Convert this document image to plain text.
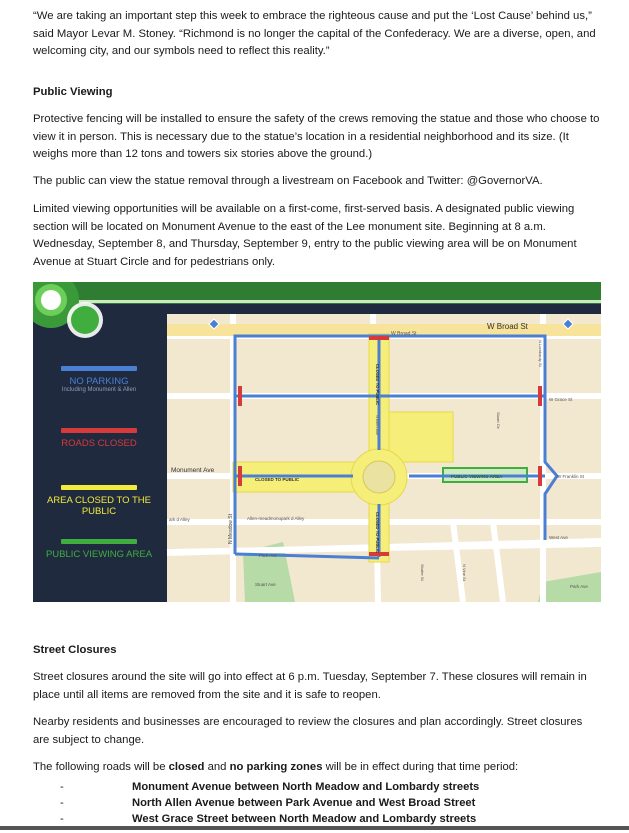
“We are taking an important step this week to embrace the righteous cause and put the ‘Lost Cause’ behind us,” said Mayor Levar M. Stoney. “Richmond is no longer the capital of the Confederacy. We are a diverse, open, and welcoming city, and our symbols need to reflect this reality.”

Public Viewing

Protective fencing will be installed to ensure the safety of the crews removing the statue and those who choose to view it in person. This is necessary due to the statue’s location in a residential neighborhood and its size. (It weighs more than 12 tons and towers six stories above the ground.)

The public can view the statue removal through a livestream on Facebook and Twitter: @GovernorVA.

Limited viewing opportunities will be available on a first-come, first-served basis. A designated public viewing section will be located on Monument Avenue to the east of the Lee monument site. Beginning at 8 a.m. Wednesday, September 8, and Thursday, September 9, entry to the public viewing area will be on Monument Avenue at Stuart Circle and for pedestrians only.

W Broad St
W Broad St
Monument Ave
W Grace St
W Franklin St
West Ave
Park Ave
Park Ave
Stuart Ave
ark d Alley	Allen-meadmonupark d Alley
N Meadow St
N Allen Ave
N Lombardy St
N Vine St
Shafer St
Stuart Cir
CLOSED TO PUBLIC
CLOSED TO PUBLIC
CLOSED TO PUBLIC
PUBLIC VIEWING AREA
NO PARKING
Including Monument & Allen
ROADS CLOSED
AREA CLOSED TO THE PUBLIC
PUBLIC VIEWING AREA

Street Closures

Street closures around the site will go into effect at 6 p.m. Tuesday, September 7. These closures will remain in place until all items are removed from the site and it is safe to reopen.

Nearby residents and businesses are encouraged to review the closures and plan accordingly. Street closures are subject to change.

The following roads will be closed and no parking zones will be in effect during that time period:

-	Monument Avenue between North Meadow and Lombardy streets
-	North Allen Avenue between Park Avenue and West Broad Street
-	West Grace Street between North Meadow and Lombardy streets
